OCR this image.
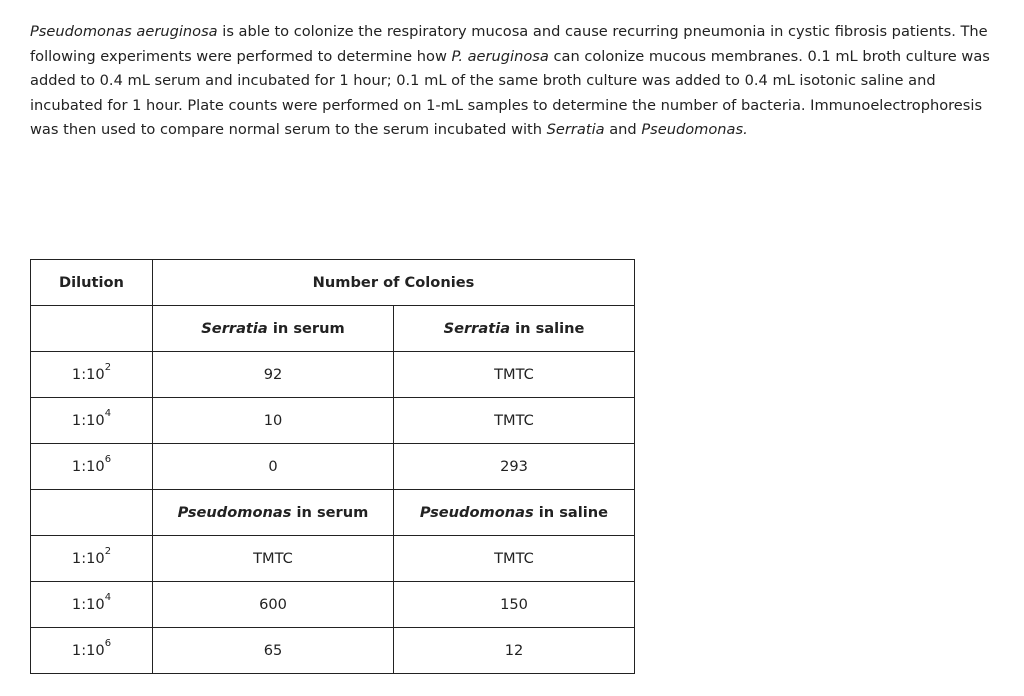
Pseudomonas aeruginosa is able to colonize the respiratory mucosa and cause recurring pneumonia in cystic fibrosis patients. The following experiments were performed to determine how P. aeruginosa can colonize mucous membranes. 0.1 mL broth culture was added to 0.4 mL serum and incubated for 1 hour; 0.1 mL of the same broth culture was added to 0.4 mL isotonic saline and incubated for 1 hour. Plate counts were performed on 1-mL samples to determine the number of bacteria. Immunoelectrophoresis was then used to compare normal serum to the serum incubated with Serratia and Pseudomonas.

Dilution	Number of Colonies	
	Serratia in serum	Serratia in saline
$1:10^2$	92	TMTC
$1:10^4$	10	TMTC
$1:10^6$	0	293
	Pseudomonas in serum	Pseudomonas in saline
$1:10^2$	TMTC	TMTC
$1:10^4$	600	150
$1:10^6$	65	12
